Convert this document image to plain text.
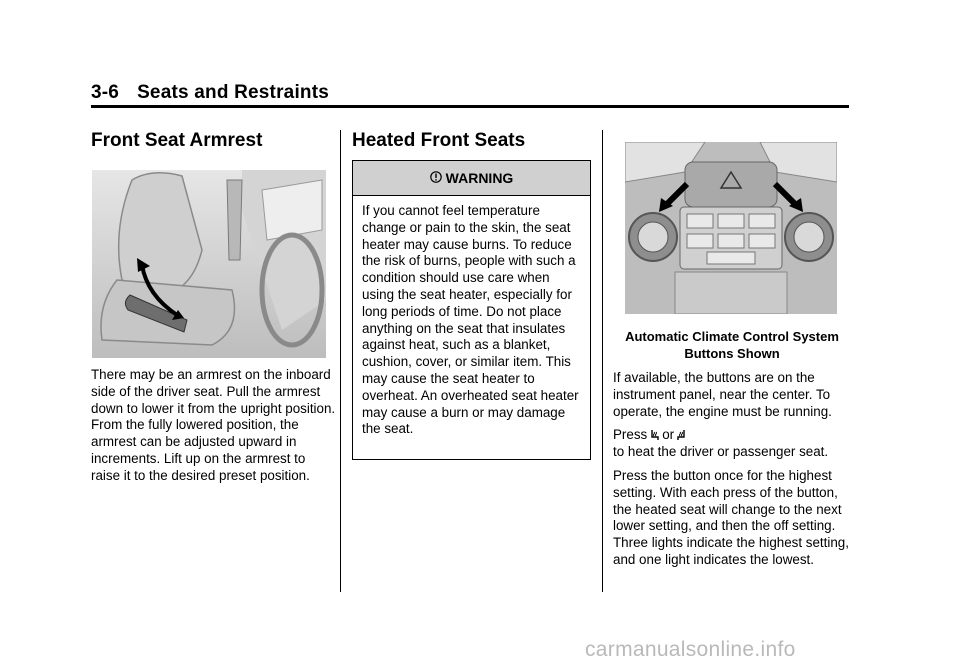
3-6 Seats and Restraints
Front Seat Armrest
There may be an armrest on the inboard side of the driver seat. Pull the armrest down to lower it from the upright position. From the fully lowered position, the armrest can be adjusted upward in increments. Lift up on the armrest to raise it to the desired preset position.
Heated Front Seats
WARNING
If you cannot feel temperature change or pain to the skin, the seat heater may cause burns. To reduce the risk of burns, people with such a condition should use care when using the seat heater, especially for long periods of time. Do not place anything on the seat that insulates against heat, such as a blanket, cushion, cover, or similar item. This may cause the seat heater to overheat. An overheated seat heater may cause a burn or may damage the seat.
Automatic Climate Control System Buttons Shown

If available, the buttons are on the instrument panel, near the center. To operate, the engine must be running.

Press or
to heat the driver or passenger seat.

Press the button once for the highest setting. With each press of the button, the heated seat will change to the next lower setting, and then the off setting. Three lights indicate the highest setting, and one light indicates the lowest.

carmanualsonline.info
